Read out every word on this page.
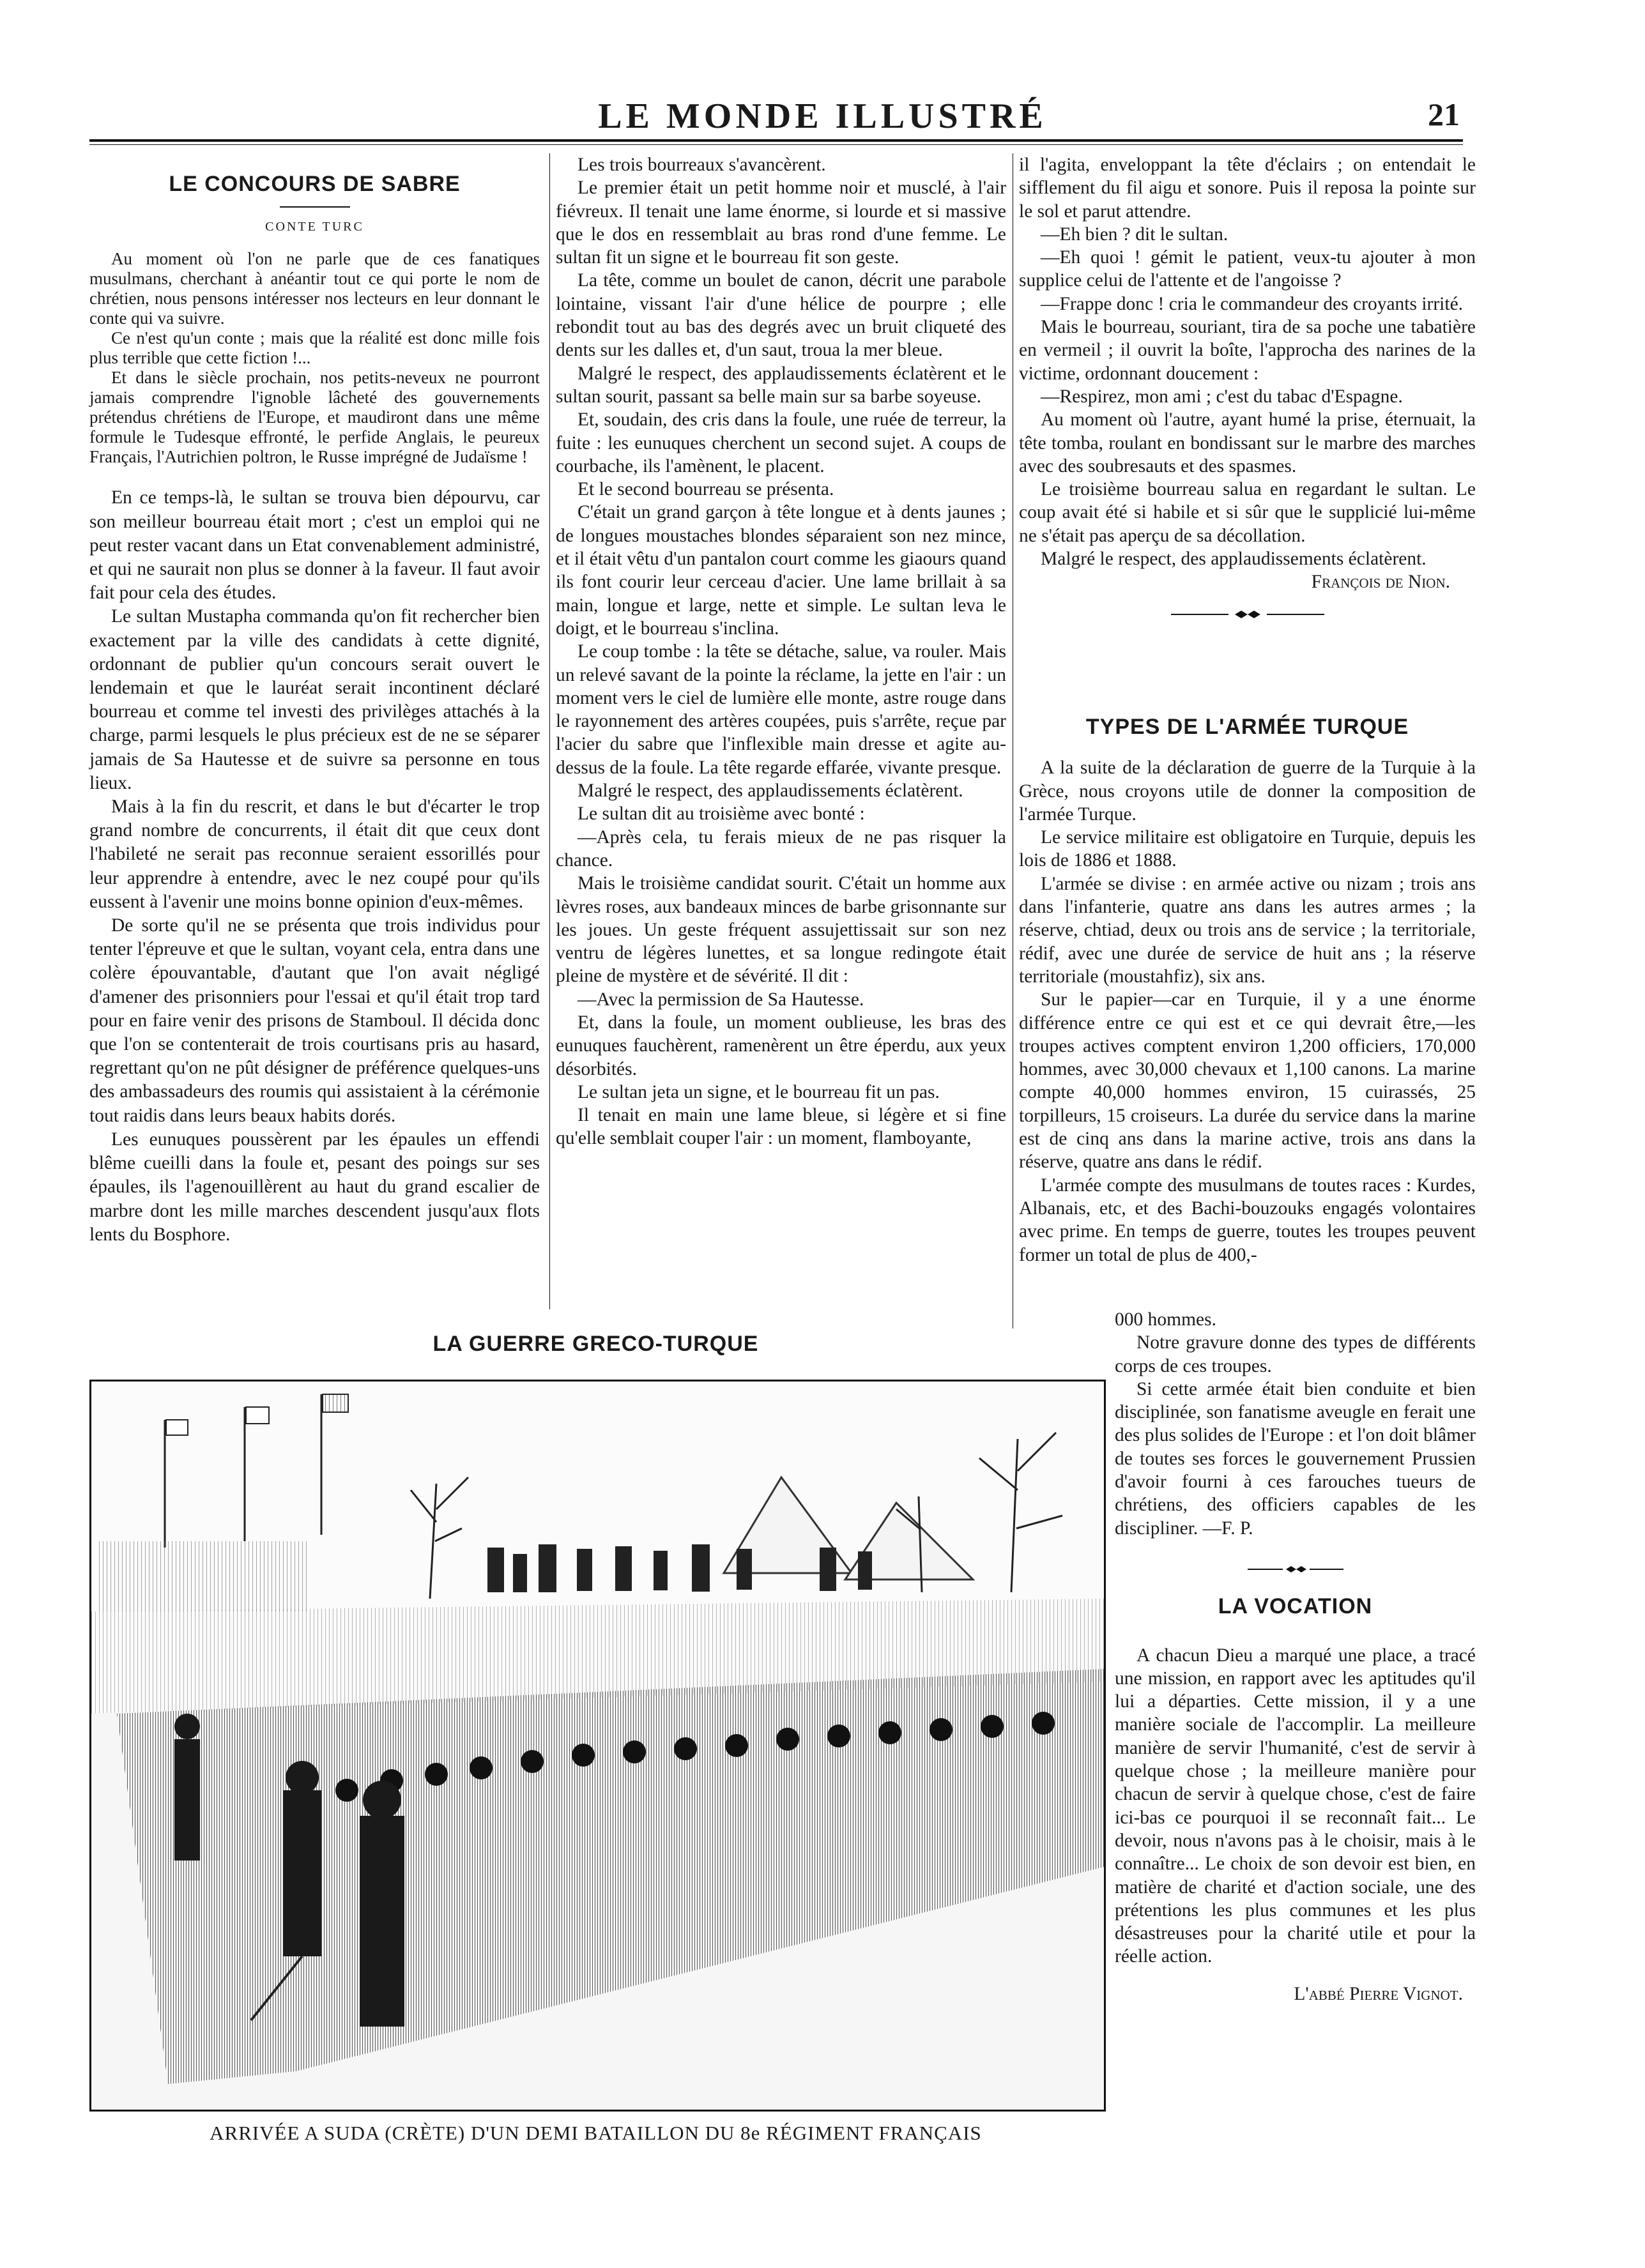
LE MONDE ILLUSTRÉ	21
LE CONCOURS DE SABRE
CONTE TURC

Au moment où l'on ne parle que de ces fanatiques musulmans, cherchant à anéantir tout ce qui porte le nom de chrétien, nous pensons intéresser nos lecteurs en leur donnant le conte qui va suivre.

Ce n'est qu'un conte ; mais que la réalité est donc mille fois plus terrible que cette fiction !...

Et dans le siècle prochain, nos petits-neveux ne pourront jamais comprendre l'ignoble lâcheté des gouvernements prétendus chrétiens de l'Europe, et maudiront dans une même formule le Tudesque effronté, le perfide Anglais, le peureux Français, l'Autrichien poltron, le Russe imprégné de Judaïsme !

En ce temps-là, le sultan se trouva bien dépourvu, car son meilleur bourreau était mort ; c'est un emploi qui ne peut rester vacant dans un Etat convenablement administré, et qui ne saurait non plus se donner à la faveur. Il faut avoir fait pour cela des études.

Le sultan Mustapha commanda qu'on fit rechercher bien exactement par la ville des candidats à cette dignité, ordonnant de publier qu'un concours serait ouvert le lendemain et que le lauréat serait incontinent déclaré bourreau et comme tel investi des privilèges attachés à la charge, parmi lesquels le plus précieux est de ne se séparer jamais de Sa Hautesse et de suivre sa personne en tous lieux.

Mais à la fin du rescrit, et dans le but d'écarter le trop grand nombre de concurrents, il était dit que ceux dont l'habileté ne serait pas reconnue seraient essorillés pour leur apprendre à entendre, avec le nez coupé pour qu'ils eussent à l'avenir une moins bonne opinion d'eux-mêmes.

De sorte qu'il ne se présenta que trois individus pour tenter l'épreuve et que le sultan, voyant cela, entra dans une colère épouvantable, d'autant que l'on avait négligé d'amener des prisonniers pour l'essai et qu'il était trop tard pour en faire venir des prisons de Stamboul. Il décida donc que l'on se contenterait de trois courtisans pris au hasard, regrettant qu'on ne pût désigner de préférence quelques-uns des ambassadeurs des roumis qui assistaient à la cérémonie tout raidis dans leurs beaux habits dorés.

Les eunuques poussèrent par les épaules un effendi blême cueilli dans la foule et, pesant des poings sur ses épaules, ils l'agenouillèrent au haut du grand escalier de marbre dont les mille marches descendent jusqu'aux flots lents du Bosphore.

Les trois bourreaux s'avancèrent.

Le premier était un petit homme noir et musclé, à l'air fiévreux. Il tenait une lame énorme, si lourde et si massive que le dos en ressemblait au bras rond d'une femme. Le sultan fit un signe et le bourreau fit son geste.

La tête, comme un boulet de canon, décrit une parabole lointaine, vissant l'air d'une hélice de pourpre ; elle rebondit tout au bas des degrés avec un bruit cliqueté des dents sur les dalles et, d'un saut, troua la mer bleue.

Malgré le respect, des applaudissements éclatèrent et le sultan sourit, passant sa belle main sur sa barbe soyeuse.

Et, soudain, des cris dans la foule, une ruée de terreur, la fuite : les eunuques cherchent un second sujet. A coups de courbache, ils l'amènent, le placent.

Et le second bourreau se présenta.

C'était un grand garçon à tête longue et à dents jaunes ; de longues moustaches blondes séparaient son nez mince, et il était vêtu d'un pantalon court comme les giaours quand ils font courir leur cerceau d'acier. Une lame brillait à sa main, longue et large, nette et simple. Le sultan leva le doigt, et le bourreau s'inclina.

Le coup tombe : la tête se détache, salue, va rouler. Mais un relevé savant de la pointe la réclame, la jette en l'air : un moment vers le ciel de lumière elle monte, astre rouge dans le rayonnement des artères coupées, puis s'arrête, reçue par l'acier du sabre que l'inflexible main dresse et agite au-dessus de la foule. La tête regarde effarée, vivante presque.

Malgré le respect, des applaudissements éclatèrent.

Le sultan dit au troisième avec bonté :

—Après cela, tu ferais mieux de ne pas risquer la chance.

Mais le troisième candidat sourit. C'était un homme aux lèvres roses, aux bandeaux minces de barbe grisonnante sur les joues. Un geste fréquent assujettissait sur son nez ventru de légères lunettes, et sa longue redingote était pleine de mystère et de sévérité. Il dit :

—Avec la permission de Sa Hautesse.

Et, dans la foule, un moment oublieuse, les bras des eunuques fauchèrent, ramenèrent un être éperdu, aux yeux désorbités.

Le sultan jeta un signe, et le bourreau fit un pas.

Il tenait en main une lame bleue, si légère et si fine qu'elle semblait couper l'air : un moment, flamboyante,

il l'agita, enveloppant la tête d'éclairs ; on entendait le sifflement du fil aigu et sonore. Puis il reposa la pointe sur le sol et parut attendre.

—Eh bien ? dit le sultan.

—Eh quoi ! gémit le patient, veux-tu ajouter à mon supplice celui de l'attente et de l'angoisse ?

—Frappe donc ! cria le commandeur des croyants irrité.

Mais le bourreau, souriant, tira de sa poche une tabatière en vermeil ; il ouvrit la boîte, l'approcha des narines de la victime, ordonnant doucement :

—Respirez, mon ami ; c'est du tabac d'Espagne.

Au moment où l'autre, ayant humé la prise, éternuait, la tête tomba, roulant en bondissant sur le marbre des marches avec des soubresauts et des spasmes.

Le troisième bourreau salua en regardant le sultan. Le coup avait été si habile et si sûr que le supplicié lui-même ne s'était pas aperçu de sa décollation.

Malgré le respect, des applaudissements éclatèrent.

François de Nion.
TYPES DE L'ARMÉE TURQUE

A la suite de la déclaration de guerre de la Turquie à la Grèce, nous croyons utile de donner la composition de l'armée Turque.

Le service militaire est obligatoire en Turquie, depuis les lois de 1886 et 1888.

L'armée se divise : en armée active ou nizam ; trois ans dans l'infanterie, quatre ans dans les autres armes ; la réserve, chtiad, deux ou trois ans de service ; la territoriale, rédif, avec une durée de service de huit ans ; la réserve territoriale (moustahfiz), six ans.

Sur le papier—car en Turquie, il y a une énorme différence entre ce qui est et ce qui devrait être,—les troupes actives comptent environ 1,200 officiers, 170,000 hommes, avec 30,000 chevaux et 1,100 canons. La marine compte 40,000 hommes environ, 15 cuirassés, 25 torpilleurs, 15 croiseurs. La durée du service dans la marine est de cinq ans dans la marine active, trois ans dans la réserve, quatre ans dans le rédif.

L'armée compte des musulmans de toutes races : Kurdes, Albanais, etc, et des Bachi-bouzouks engagés volontaires avec prime. En temps de guerre, toutes les troupes peuvent former un total de plus de 400,-

000 hommes.

Notre gravure donne des types de différents corps de ces troupes.

Si cette armée était bien conduite et bien disciplinée, son fanatisme aveugle en ferait une des plus solides de l'Europe : et l'on doit blâmer de toutes ses forces le gouvernement Prussien d'avoir fourni à ces farouches tueurs de chrétiens, des officiers capables de les discipliner. —F. P.

LA VOCATION

A chacun Dieu a marqué une place, a tracé une mission, en rapport avec les aptitudes qu'il lui a départies. Cette mission, il y a une manière sociale de l'accomplir. La meilleure manière de servir l'humanité, c'est de servir à quelque chose ; la meilleure manière pour chacun de servir à quelque chose, c'est de faire ici-bas ce pourquoi il se reconnaît fait... Le devoir, nous n'avons pas à le choisir, mais à le connaître... Le choix de son devoir est bien, en matière de charité et d'action sociale, une des prétentions les plus communes et les plus désastreuses pour la charité utile et pour la réelle action.

L'abbé Pierre Vignot.
LA GUERRE GRECO-TURQUE
ARRIVÉE A SUDA (CRÈTE) D'UN DEMI BATAILLON DU 8e RÉGIMENT FRANÇAIS
